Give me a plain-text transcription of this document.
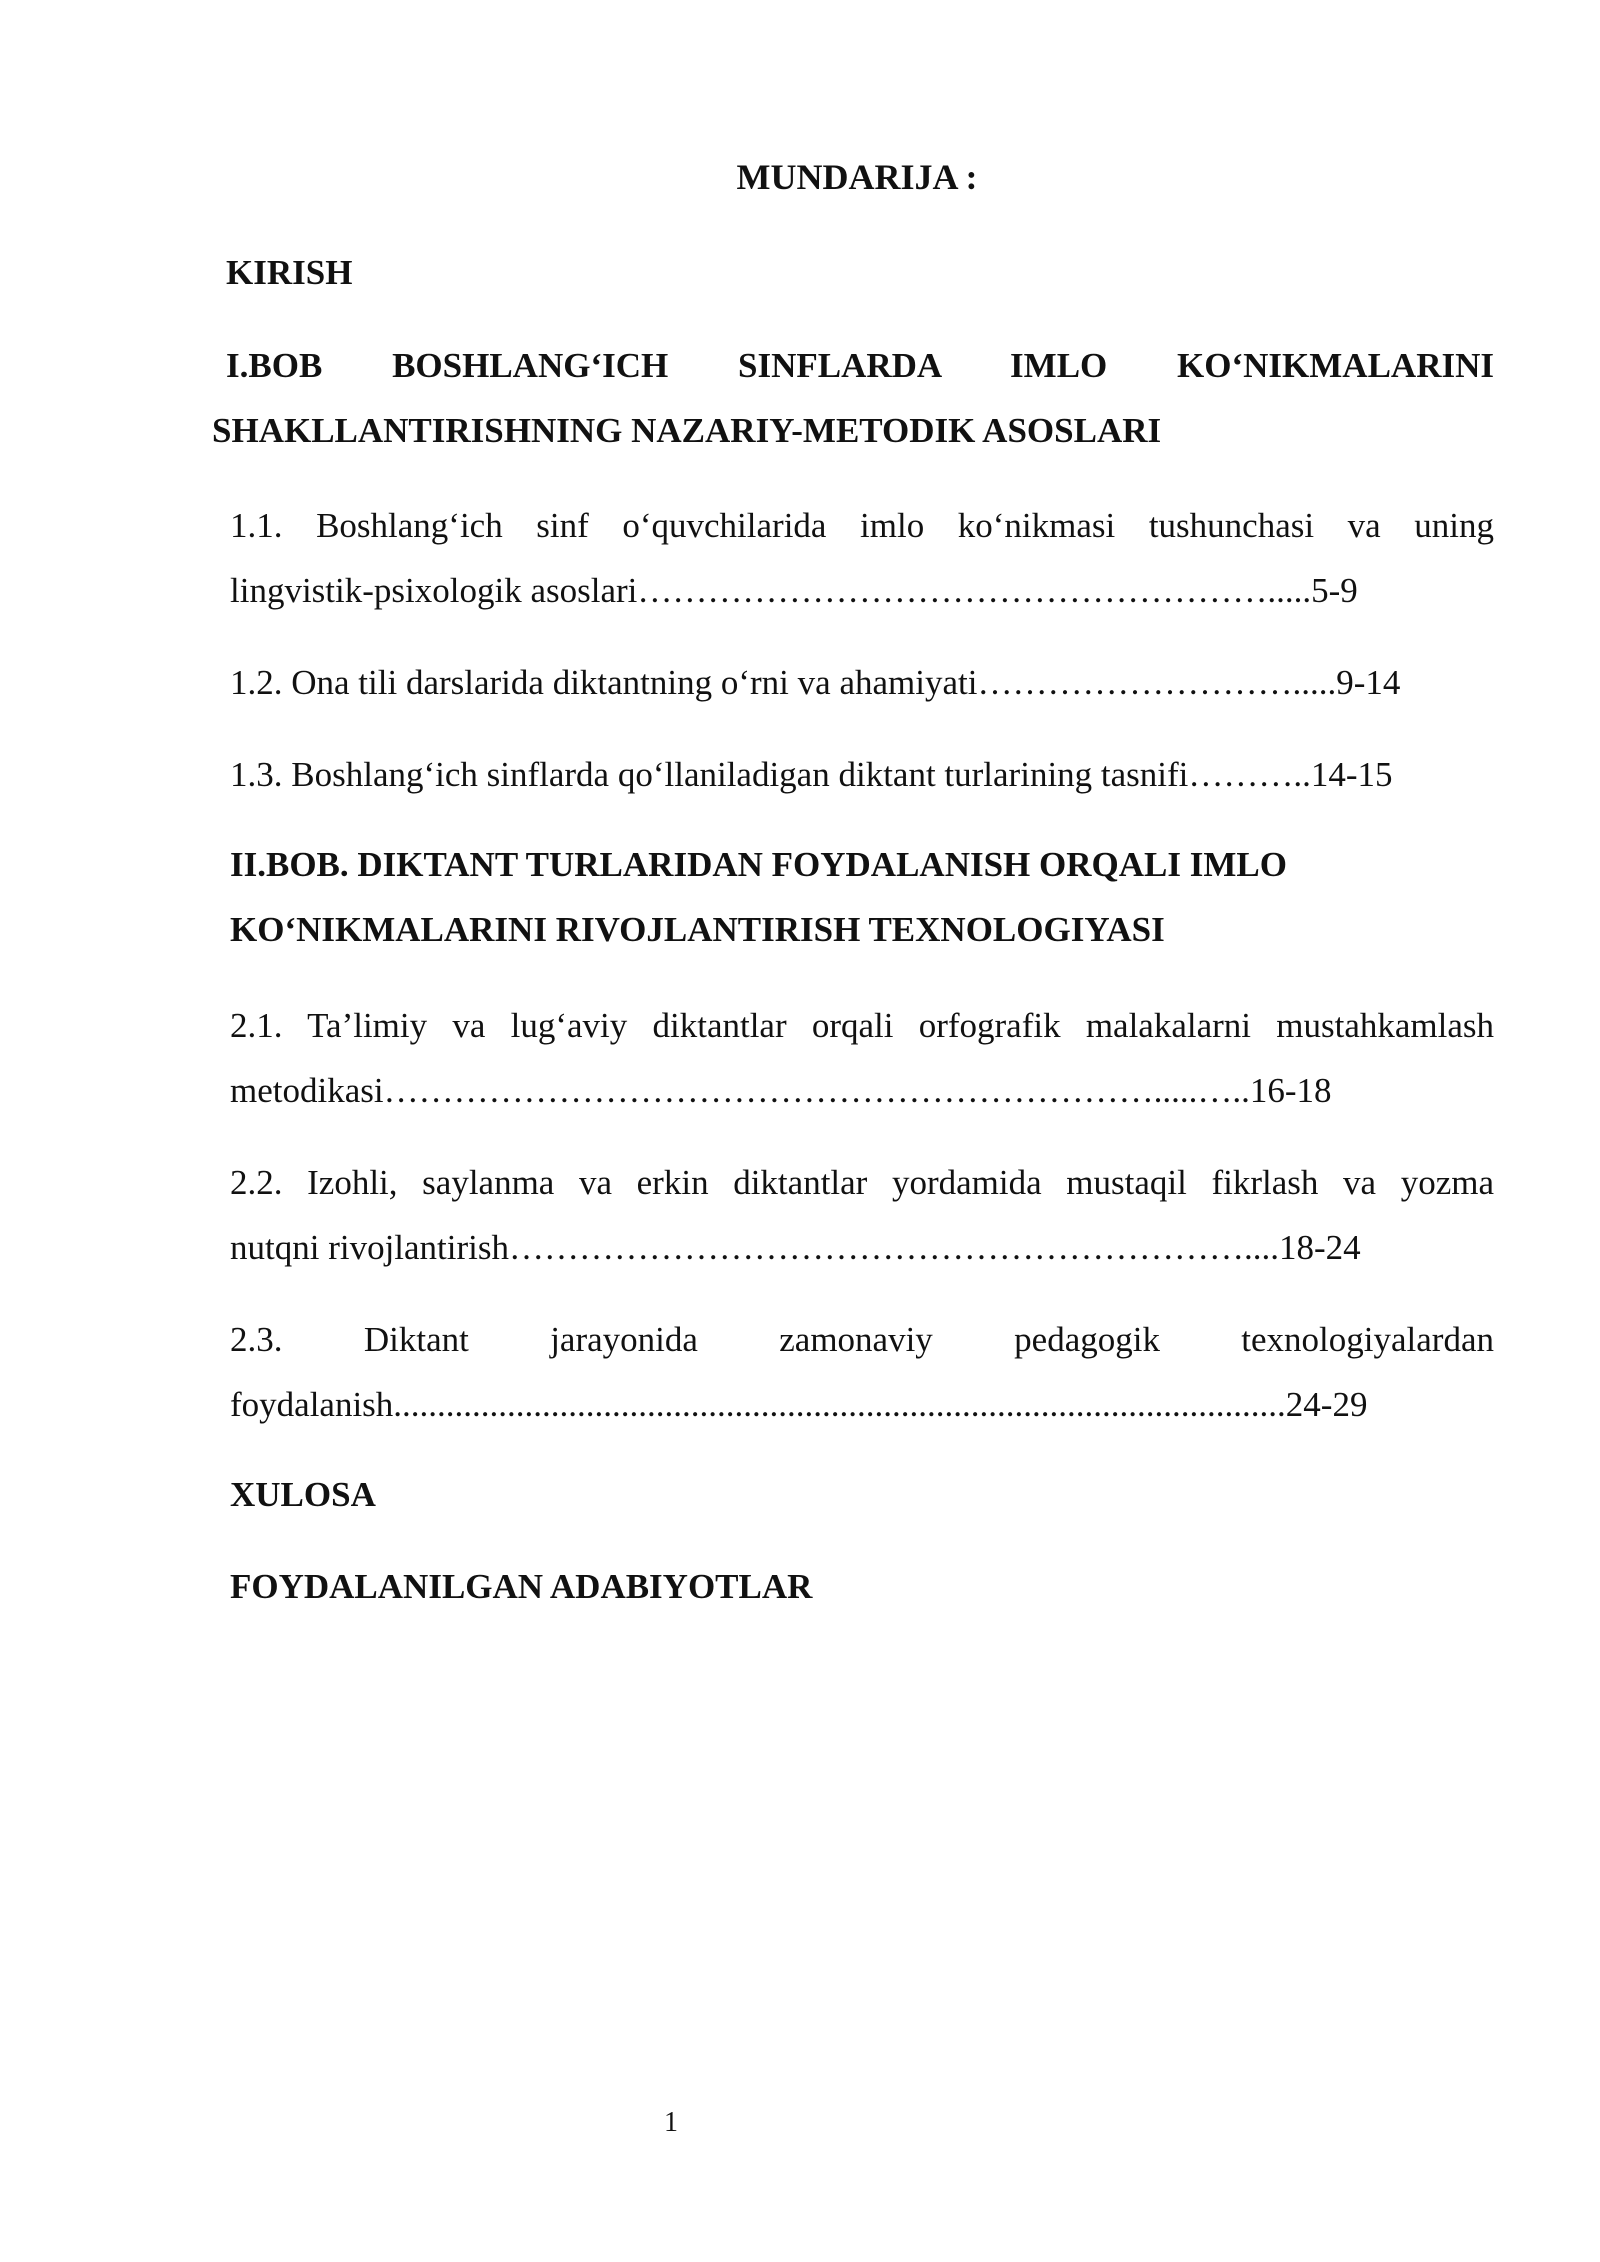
MUNDARIJA :
KIRISH
I.BOB BOSHLANG‘ICH SINFLARDA IMLO KO‘NIKMALARINI
SHAKLLANTIRISHNING NAZARIY-METODIK ASOSLARI
1.1. Boshlang‘ich sinf o‘quvchilarida imlo ko‘nikmasi tushunchasi va uning
lingvistik-psixologik asoslari……………………………………………….....5-9
1.2. Ona tili darslarida diktantning o‘rni va ahamiyati……………………….....9-14
1.3. Boshlang‘ich sinflarda qo‘llaniladigan diktant turlarining tasnifi………..14-15
II.BOB. DIKTANT TURLARIDAN FOYDALANISH ORQALI IMLO
KO‘NIKMALARINI RIVOJLANTIRISH TEXNOLOGIYASI
2.1. Ta’limiy va lug‘aviy diktantlar orqali orfografik malakalarni mustahkamlash
metodikasi………………………………………………………….....…..16-18
2.2. Izohli, saylanma va erkin diktantlar yordamida mustaqil fikrlash va yozma
nutqni rivojlantirish………………………………………………………....18-24
2.3. Diktant jarayonida zamonaviy pedagogik texnologiyalardan
foydalanish......................................................................................................24-29
XULOSA
FOYDALANILGAN ADABIYOTLAR
1
